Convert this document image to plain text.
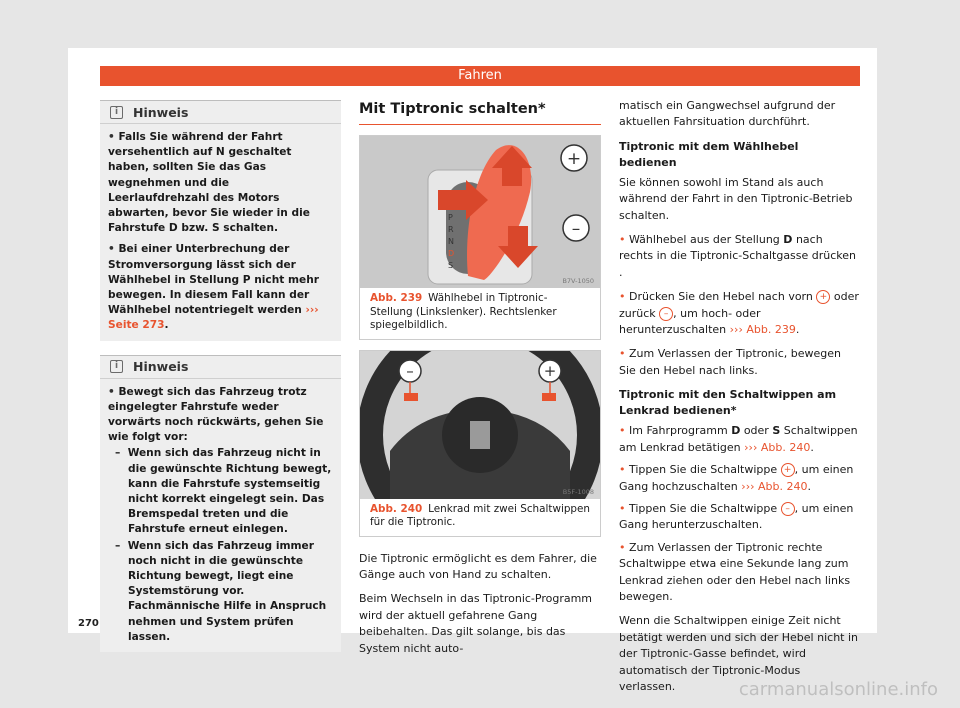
Fahren
i	Hinweis

• Falls Sie während der Fahrt versehentlich auf N geschaltet haben, sollten Sie das Gas wegnehmen und die Leerlaufdrehzahl des Motors abwarten, bevor Sie wieder in die Fahrstufe D bzw. S schalten.

• Bei einer Unterbrechung der Stromversorgung lässt sich der Wählhebel in Stellung P nicht mehr bewegen. In diesem Fall kann der Wählhebel notentriegelt werden ››› Seite 273.

i	Hinweis

• Bewegt sich das Fahrzeug trotz eingelegter Fahrstufe weder vorwärts noch rückwärts, gehen Sie wie folgt vor:

– Wenn sich das Fahrzeug nicht in die gewünschte Richtung bewegt, kann die Fahrstufe systemseitig nicht korrekt eingelegt sein. Das Bremspedal treten und die Fahrstufe erneut einlegen.

– Wenn sich das Fahrzeug immer noch nicht in die gewünschte Richtung bewegt, liegt eine Systemstörung vor. Fachmännische Hilfe in Anspruch nehmen und System prüfen lassen.

Mit Tiptronic schalten*
P
R
N
D
S
+
–
B7V-1050
Abb. 239 Wählhebel in Tiptronic-Stellung (Linkslenker). Rechtslenker spiegelbildlich.
–	+
B5F-1008
Abb. 240 Lenkrad mit zwei Schaltwippen für die Tiptronic.

Die Tiptronic ermöglicht es dem Fahrer, die Gänge auch von Hand zu schalten.

Beim Wechseln in das Tiptronic-Programm wird der aktuell gefahrene Gang beibehalten. Das gilt solange, bis das System nicht auto-

matisch ein Gangwechsel aufgrund der aktuellen Fahrsituation durchführt.

Tiptronic mit dem Wählhebel bedienen

Sie können sowohl im Stand als auch während der Fahrt in den Tiptronic-Betrieb schalten.

• Wählhebel aus der Stellung D nach rechts in die Tiptronic-Schaltgasse drücken .

• Drücken Sie den Hebel nach vorn + oder zurück – , um hoch- oder herunterzuschalten ››› Abb. 239.

• Zum Verlassen der Tiptronic, bewegen Sie den Hebel nach links.

Tiptronic mit den Schaltwippen am Lenkrad bedienen*

• Im Fahrprogramm D oder S Schaltwippen am Lenkrad betätigen ››› Abb. 240.

• Tippen Sie die Schaltwippe + , um einen Gang hochzuschalten ››› Abb. 240.

• Tippen Sie die Schaltwippe – , um einen Gang herunterzuschalten.

• Zum Verlassen der Tiptronic rechte Schaltwippe etwa eine Sekunde lang zum Lenkrad ziehen oder den Hebel nach links bewegen.

Wenn die Schaltwippen einige Zeit nicht betätigt werden und sich der Hebel nicht in der Tiptronic-Gasse befindet, wird automatisch der Tiptronic-Modus verlassen.

270
carmanualsonline.info
